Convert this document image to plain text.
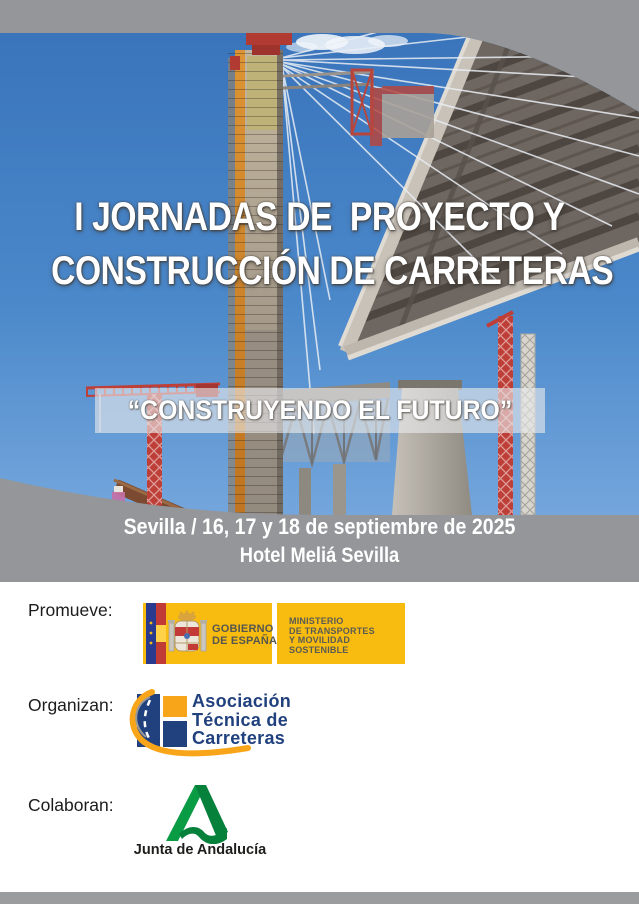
I JORNADAS DE  PROYECTO Y
CONSTRUCCIÓN DE CARRETERAS
“CONSTRUYENDO EL FUTURO”
Sevilla / 16, 17 y 18 de septiembre de 2025
Hotel Meliá Sevilla
Promueve:
GOBIERNO
DE ESPAÑA
MINISTERIO
DE TRANSPORTES
Y MOVILIDAD SOSTENIBLE
Organizan:	Asociación
Técnica de
Carreteras
Colaboran:
Junta de Andalucía
